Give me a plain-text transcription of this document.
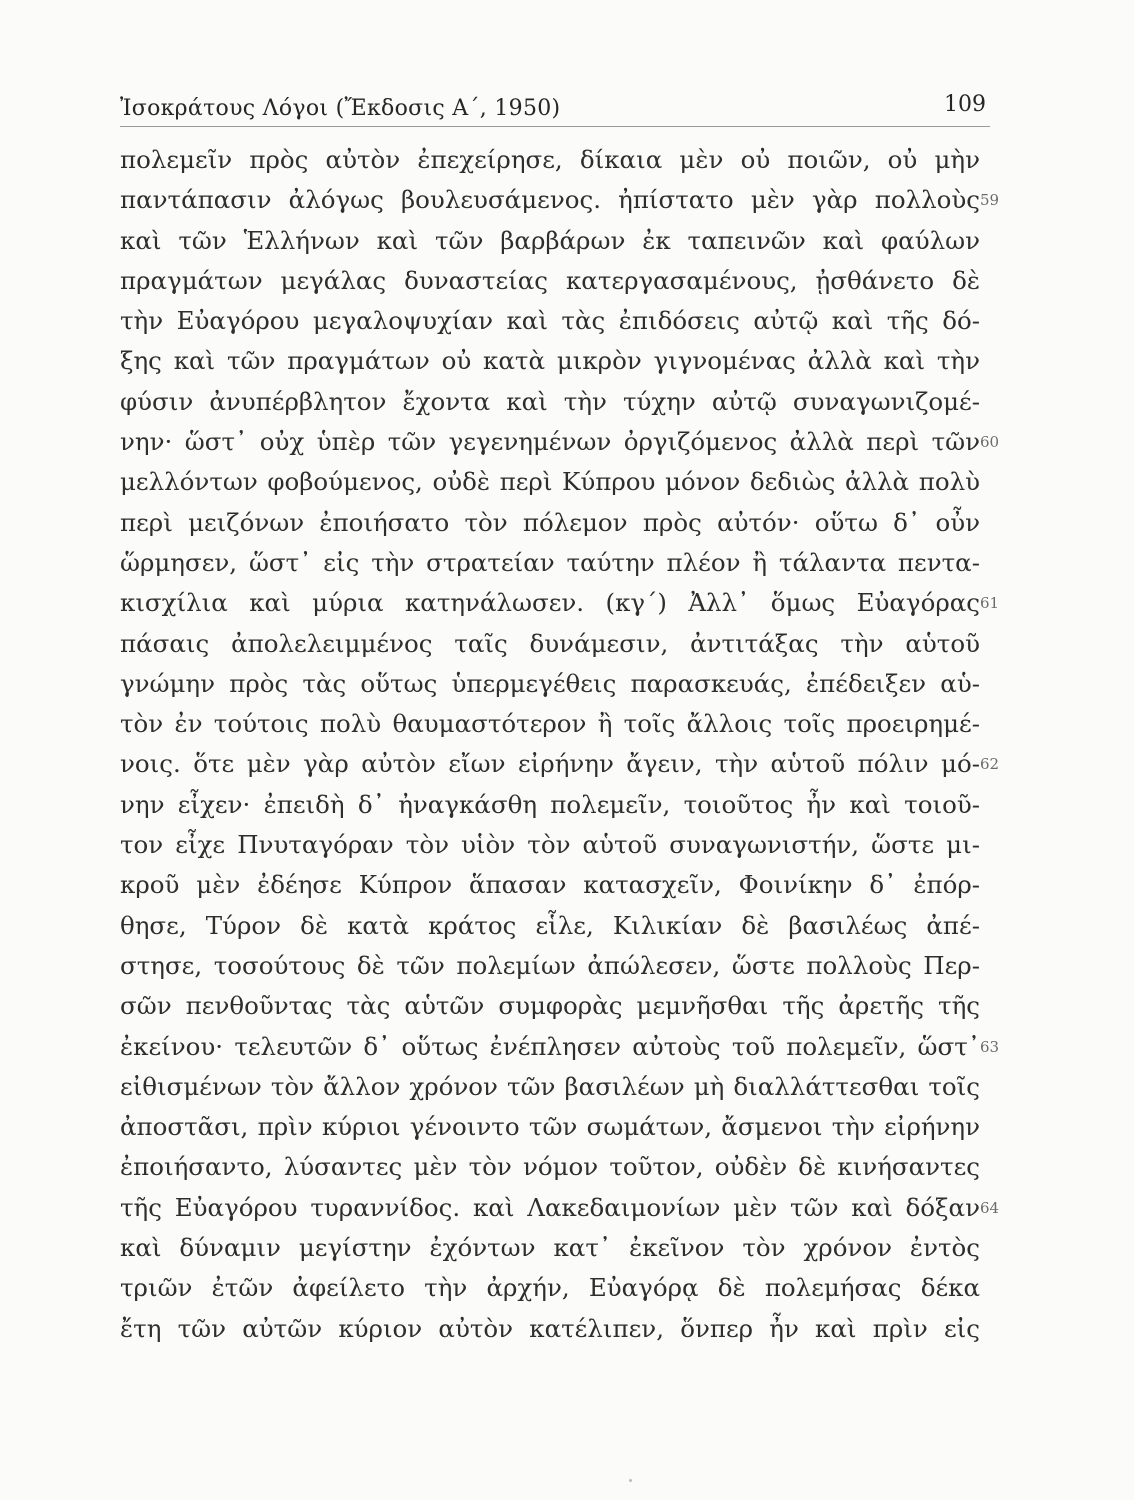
Ἰσοκράτους Λόγοι (Ἔκδοσις Α΄, 1950)	109
πολεμεῖν πρὸς αὐτὸν ἐπεχείρησε, δίκαια μὲν οὐ ποιῶν, οὐ μὴν
παντάπασιν ἀλόγως βουλευσάμενος. ἠπίστατο μὲν γὰρ πολλοὺς 59
καὶ τῶν Ἑλλήνων καὶ τῶν βαρβάρων ἐκ ταπεινῶν καὶ φαύλων
πραγμάτων μεγάλας δυναστείας κατεργασαμένους, ᾐσθάνετο δὲ
τὴν Εὐαγόρου μεγαλοψυχίαν καὶ τὰς ἐπιδόσεις αὐτῷ καὶ τῆς δό-
ξης καὶ τῶν πραγμάτων οὐ κατὰ μικρὸν γιγνομένας ἀλλὰ καὶ τὴν
φύσιν ἀνυπέρβλητον ἔχοντα καὶ τὴν τύχην αὐτῷ συναγωνιζομέ-
νην· ὥστ᾽ οὐχ ὑπὲρ τῶν γεγενημένων ὀργιζόμενος ἀλλὰ περὶ τῶν 60
μελλόντων φοβούμενος, οὐδὲ περὶ Κύπρου μόνον δεδιὼς ἀλλὰ πολὺ
περὶ μειζόνων ἐποιήσατο τὸν πόλεμον πρὸς αὐτόν· οὕτω δ᾽ οὖν
ὥρμησεν, ὥστ᾽ εἰς τὴν στρατείαν ταύτην πλέον ἢ τάλαντα πεντα-
κισχίλια καὶ μύρια κατηνάλωσεν. (κγ΄) Ἀλλ᾽ ὅμως Εὐαγόρας 61
πάσαις ἀπολελειμμένος ταῖς δυνάμεσιν, ἀντιτάξας τὴν αὑτοῦ
γνώμην πρὸς τὰς οὕτως ὑπερμεγέθεις παρασκευάς, ἐπέδειξεν αὑ-
τὸν ἐν τούτοις πολὺ θαυμαστότερον ἢ τοῖς ἄλλοις τοῖς προειρημέ-
νοις. ὅτε μὲν γὰρ αὐτὸν εἴων εἰρήνην ἄγειν, τὴν αὑτοῦ πόλιν μό- 62
νην εἶχεν· ἐπειδὴ δ᾽ ἠναγκάσθη πολεμεῖν, τοιοῦτος ἦν καὶ τοιοῦ-
τον εἶχε Πνυταγόραν τὸν υἱὸν τὸν αὑτοῦ συναγωνιστήν, ὥστε μι-
κροῦ μὲν ἐδέησε Κύπρον ἅπασαν κατασχεῖν, Φοινίκην δ᾽ ἐπόρ-
θησε, Τύρον δὲ κατὰ κράτος εἷλε, Κιλικίαν δὲ βασιλέως ἀπέ-
στησε, τοσούτους δὲ τῶν πολεμίων ἀπώλεσεν, ὥστε πολλοὺς Περ-
σῶν πενθοῦντας τὰς αὑτῶν συμφορὰς μεμνῆσθαι τῆς ἀρετῆς τῆς
ἐκείνου· τελευτῶν δ᾽ οὕτως ἐνέπλησεν αὐτοὺς τοῦ πολεμεῖν, ὥστ᾽ 63
εἰθισμένων τὸν ἄλλον χρόνον τῶν βασιλέων μὴ διαλλάττεσθαι τοῖς
ἀποστᾶσι, πρὶν κύριοι γένοιντο τῶν σωμάτων, ἄσμενοι τὴν εἰρήνην
ἐποιήσαντο, λύσαντες μὲν τὸν νόμον τοῦτον, οὐδὲν δὲ κινήσαντες
τῆς Εὐαγόρου τυραννίδος. καὶ Λακεδαιμονίων μὲν τῶν καὶ δόξαν 64
καὶ δύναμιν μεγίστην ἐχόντων κατ᾽ ἐκεῖνον τὸν χρόνον ἐντὸς
τριῶν ἐτῶν ἀφείλετο τὴν ἀρχήν, Εὐαγόρᾳ δὲ πολεμήσας δέκα
ἔτη τῶν αὐτῶν κύριον αὐτὸν κατέλιπεν, ὅνπερ ἦν καὶ πρὶν εἰς
